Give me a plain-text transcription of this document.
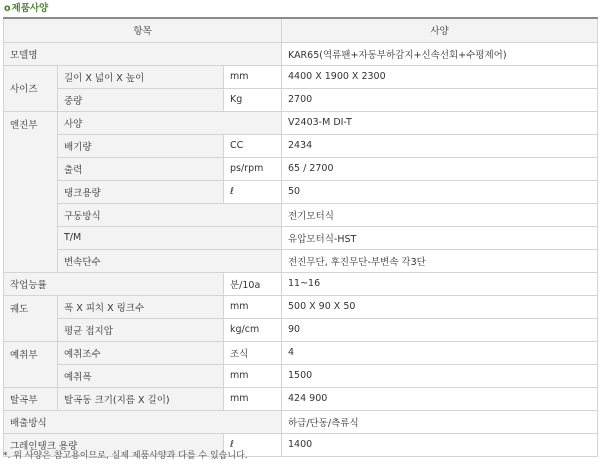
o제품사양
항목			사양
모델명			KAR65(역류팬+자동부하감지+신속선회+수평제어)
사이즈	길이 X 넓이 X 높이	mm	4400 X 1900 X 2300
	중량	Kg	2700
엔진부	사양		V2403-M DI-T
	배기량	CC	2434
	출력	ps/rpm	65 / 2700
	탱크용량	ℓ	50
	구동방식		전기모터식
	T/M		유압모터식-HST
	변속단수		전진무단, 후진무단-부변속 각3단
작업능률		분/10a	11~16
궤도	폭 X 피치 X 링크수	mm	500 X 90 X 50
	평균 접지압	kg/cm	90
예취부	예취조수	조식	4
	예취폭	mm	1500
탈곡부	탈곡동 크기(지름 X 길이)	mm	424 900
배출방식			하급/단동/측류식
그레인탱크 용량		ℓ	1400
*. 위 사양은 참고용이므로, 실제 제품사양과 다를 수 있습니다.
